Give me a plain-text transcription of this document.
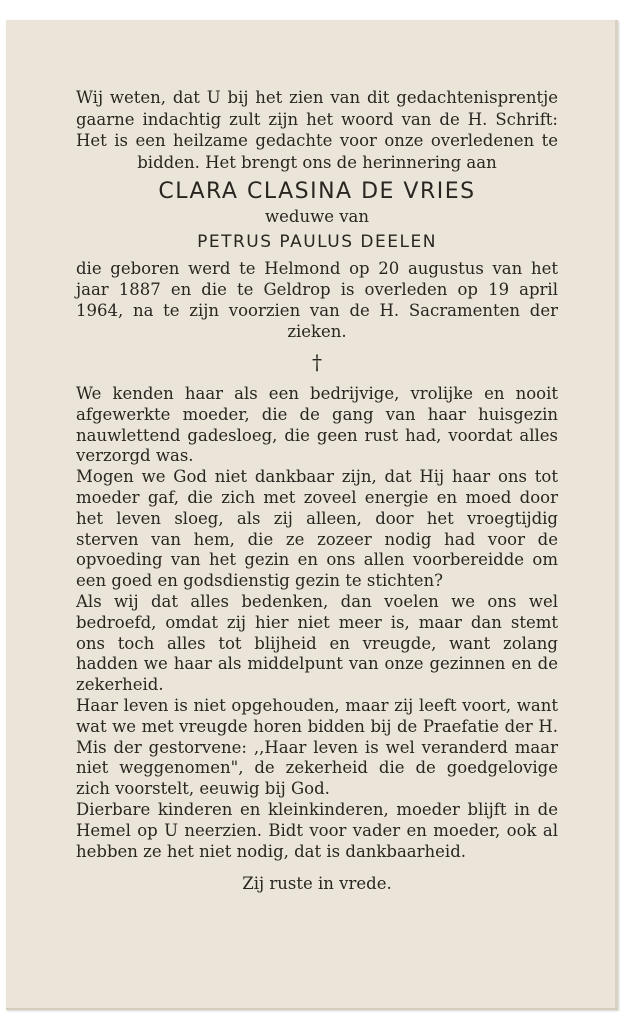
Wij weten, dat U bij het zien van dit gedachtenisprentje gaarne indachtig zult zijn het woord van de H. Schrift: Het is een heilzame gedachte voor onze overledenen te bidden. Het brengt ons de herinnering aan

CLARA CLASINA DE VRIES
weduwe van
PETRUS PAULUS DEELEN

die geboren werd te Helmond op 20 augustus van het jaar 1887 en die te Geldrop is overleden op 19 april 1964, na te zijn voorzien van de H. Sacramenten der zieken.

†
We kenden haar als een bedrijvige, vrolijke en nooit afgewerkte moeder, die de gang van haar huisgezin nauwlettend gadesloeg, die geen rust had, voordat alles verzorgd was.
Mogen we God niet dankbaar zijn, dat Hij haar ons tot moeder gaf, die zich met zoveel energie en moed door het leven sloeg, als zij alleen, door het vroegtijdig sterven van hem, die ze zozeer nodig had voor de opvoeding van het gezin en ons allen voorbereidde om een goed en godsdienstig gezin te stichten?
Als wij dat alles bedenken, dan voelen we ons wel bedroefd, omdat zij hier niet meer is, maar dan stemt ons toch alles tot blijheid en vreugde, want zolang hadden we haar als middelpunt van onze gezinnen en de zekerheid.
Haar leven is niet opgehouden, maar zij leeft voort, want wat we met vreugde horen bidden bij de Praefatie der H. Mis der gestorvene: ,,Haar leven is wel veranderd maar niet weggenomen", de zekerheid die de goedgelovige zich voorstelt, eeuwig bij God.
Dierbare kinderen en kleinkinderen, moeder blijft in de Hemel op U neerzien. Bidt voor vader en moeder, ook al hebben ze het niet nodig, dat is dankbaarheid.
Zij ruste in vrede.
